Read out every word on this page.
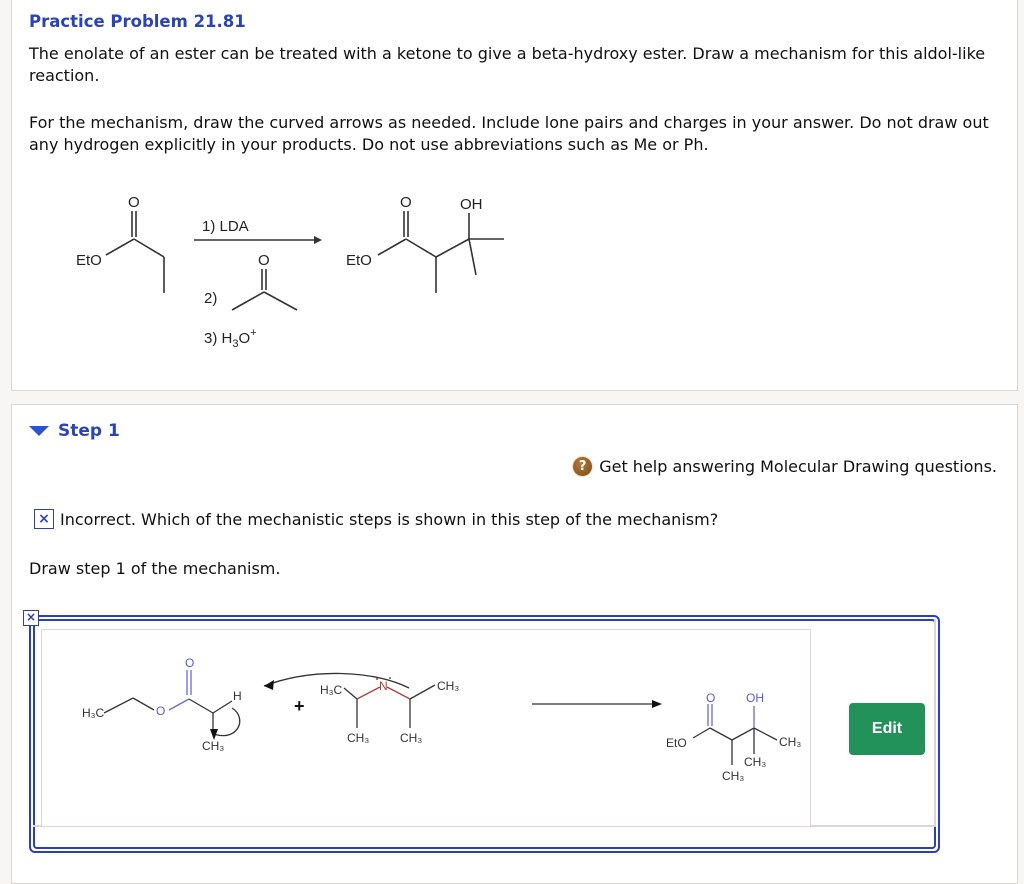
Practice Problem 21.81
The enolate of an ester can be treated with a ketone to give a beta-hydroxy ester. Draw a mechanism for this aldol-like reaction.
For the mechanism, draw the curved arrows as needed. Include lone pairs and charges in your answer. Do not draw out any hydrogen explicitly in your products. Do not use abbreviations such as Me or Ph.
EtO
O
1) LDA
O
2)
3) $H_3O^+$
EtO
O	OH
Step 1
? Get help answering Molecular Drawing questions.
× Incorrect. Which of the mechanistic steps is shown in this step of the mechanism?
Draw step 1 of the mechanism.
×
H₃C	O
O
H
CH₃
+
H₃C	N	CH₃
CH₃	CH₃	EtO
O	OH
CH₃
CH₃
CH₃
Edit
